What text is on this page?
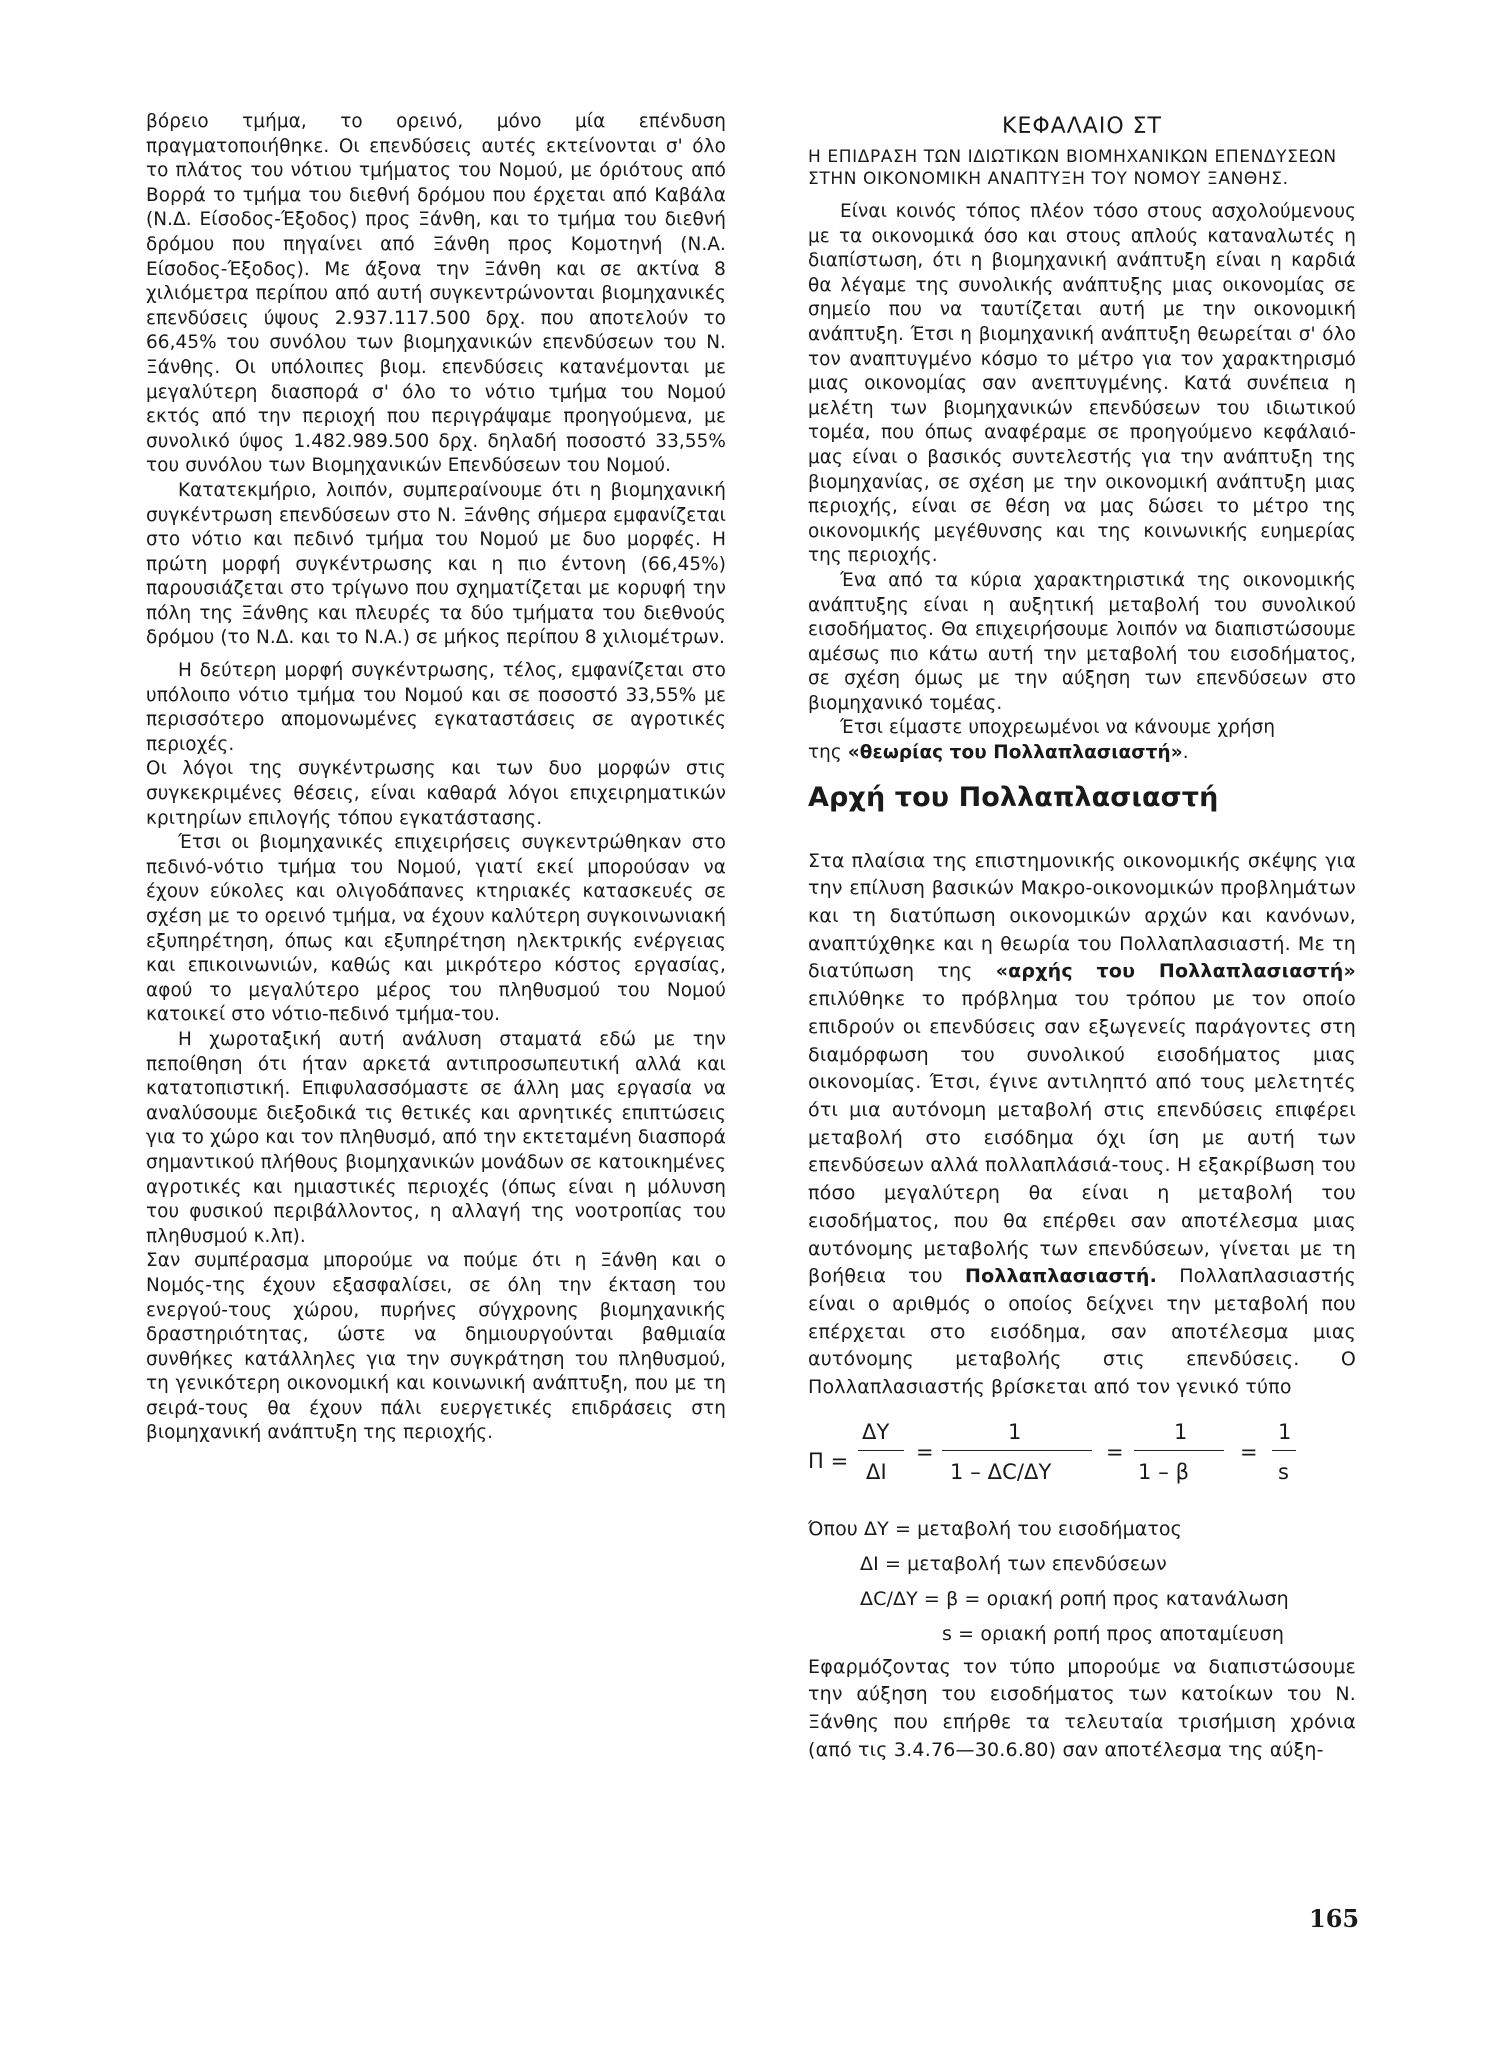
βόρειο τμήμα, το ορεινό, μόνο μία επένδυση πραγματοποιήθηκε. Οι επενδύσεις αυτές εκτείνονται σ' όλο το πλάτος του νότιου τμήματος του Νομού, με όριότους από Βορρά το τμήμα του διεθνή δρόμου που έρχεται από Καβάλα (Ν.Δ. Είσοδος-Έξοδος) προς Ξάνθη, και το τμήμα του διεθνή δρόμου που πηγαίνει από Ξάνθη προς Κομοτηνή (Ν.Α. Είσοδος-Έξοδος). Με άξονα την Ξάνθη και σε ακτίνα 8 χιλιόμετρα περίπου από αυτή συγκεντρώνονται βιομηχανικές επενδύσεις ύψους 2.937.117.500 δρχ. που αποτελούν το 66,45% του συνόλου των βιομηχανικών επενδύσεων του Ν. Ξάνθης. Οι υπόλοιπες βιομ. επενδύσεις κατανέμονται με μεγαλύτερη διασπορά σ' όλο το νότιο τμήμα του Νομού εκτός από την περιοχή που περιγράψαμε προηγούμενα, με συνολικό ύψος 1.482.989.500 δρχ. δηλαδή ποσοστό 33,55% του συνόλου των Βιομηχανικών Επενδύσεων του Νομού.

Κατατεκμήριο, λοιπόν, συμπεραίνουμε ότι η βιομηχανική συγκέντρωση επενδύσεων στο Ν. Ξάνθης σήμερα εμφανίζεται στο νότιο και πεδινό τμήμα του Νομού με δυο μορφές. Η πρώτη μορφή συγκέντρωσης και η πιο έντονη (66,45%) παρουσιάζεται στο τρίγωνο που σχηματίζεται με κορυφή την πόλη της Ξάνθης και πλευρές τα δύο τμήματα του διεθνούς δρόμου (το Ν.Δ. και το Ν.Α.) σε μήκος περίπου 8 χιλιομέτρων.

Η δεύτερη μορφή συγκέντρωσης, τέλος, εμφανίζεται στο υπόλοιπο νότιο τμήμα του Νομού και σε ποσοστό 33,55% με περισσότερο απομονωμένες εγκαταστάσεις σε αγροτικές περιοχές.

Οι λόγοι της συγκέντρωσης και των δυο μορφών στις συγκεκριμένες θέσεις, είναι καθαρά λόγοι επιχειρηματικών κριτηρίων επιλογής τόπου εγκατάστασης.

Έτσι οι βιομηχανικές επιχειρήσεις συγκεντρώθηκαν στο πεδινό-νότιο τμήμα του Νομού, γιατί εκεί μπορούσαν να έχουν εύκολες και ολιγοδάπανες κτηριακές κατασκευές σε σχέση με το ορεινό τμήμα, να έχουν καλύτερη συγκοινωνιακή εξυπηρέτηση, όπως και εξυπηρέτηση ηλεκτρικής ενέργειας και επικοινωνιών, καθώς και μικρότερο κόστος εργασίας, αφού το μεγαλύτερο μέρος του πληθυσμού του Νομού κατοικεί στο νότιο-πεδινό τμήμα-του.

Η χωροταξική αυτή ανάλυση σταματά εδώ με την πεποίθηση ότι ήταν αρκετά αντιπροσωπευτική αλλά και κατατοπιστική. Επιφυλασσόμαστε σε άλλη μας εργασία να αναλύσουμε διεξοδικά τις θετικές και αρνητικές επιπτώσεις για το χώρο και τον πληθυσμό, από την εκτεταμένη διασπορά σημαντικού πλήθους βιομηχανικών μονάδων σε κατοικημένες αγροτικές και ημιαστικές περιοχές (όπως είναι η μόλυνση του φυσικού περιβάλλοντος, η αλλαγή της νοοτροπίας του πληθυσμού κ.λπ).

Σαν συμπέρασμα μπορούμε να πούμε ότι η Ξάνθη και ο Νομός-της έχουν εξασφαλίσει, σε όλη την έκταση του ενεργού-τους χώρου, πυρήνες σύγχρονης βιομηχανικής δραστηριότητας, ώστε να δημιουργούνται βαθμιαία συνθήκες κατάλληλες για την συγκράτηση του πληθυσμού, τη γενικότερη οικονομική και κοινωνική ανάπτυξη, που με τη σειρά-τους θα έχουν πάλι ευεργετικές επιδράσεις στη βιομηχανική ανάπτυξη της περιοχής.

ΚΕΦΑΛΑΙΟ ΣΤ

Η ΕΠΙΔΡΑΣΗ ΤΩΝ ΙΔΙΩΤΙΚΩΝ ΒΙΟΜΗΧΑΝΙΚΩΝ ΕΠΕΝΔΥΣΕΩΝ ΣΤΗΝ ΟΙΚΟΝΟΜΙΚΗ ΑΝΑΠΤΥΞΗ ΤΟΥ ΝΟΜΟΥ ΞΑΝΘΗΣ.

Είναι κοινός τόπος πλέον τόσο στους ασχολούμενους με τα οικονομικά όσο και στους απλούς καταναλωτές η διαπίστωση, ότι η βιομηχανική ανάπτυξη είναι η καρδιά θα λέγαμε της συνολικής ανάπτυξης μιας οικονομίας σε σημείο που να ταυτίζεται αυτή με την οικονομική ανάπτυξη. Έτσι η βιομηχανική ανάπτυξη θεωρείται σ' όλο τον αναπτυγμένο κόσμο το μέτρο για τον χαρακτηρισμό μιας οικονομίας σαν ανεπτυγμένης. Κατά συνέπεια η μελέτη των βιομηχανικών επενδύσεων του ιδιωτικού τομέα, που όπως αναφέραμε σε προηγούμενο κεφάλαιό-μας είναι ο βασικός συντελεστής για την ανάπτυξη της βιομηχανίας, σε σχέση με την οικονομική ανάπτυξη μιας περιοχής, είναι σε θέση να μας δώσει το μέτρο της οικονομικής μεγέθυνσης και της κοινωνικής ευημερίας της περιοχής.

Ένα από τα κύρια χαρακτηριστικά της οικονομικής ανάπτυξης είναι η αυξητική μεταβολή του συνολικού εισοδήματος. Θα επιχειρήσουμε λοιπόν να διαπιστώσουμε αμέσως πιο κάτω αυτή την μεταβολή του εισοδήματος, σε σχέση όμως με την αύξηση των επενδύσεων στο βιομηχανικό τομέας.

Έτσι είμαστε υποχρεωμένοι να κάνουμε χρήση

της «θεωρίας του Πολλαπλασιαστή».

Αρχή του Πολλαπλασιαστή

Στα πλαίσια της επιστημονικής οικονομικής σκέψης για την επίλυση βασικών Μακρο-οικονομικών προβλημάτων και τη διατύπωση οικονομικών αρχών και κανόνων, αναπτύχθηκε και η θεωρία του Πολλαπλασιαστή. Με τη διατύπωση της «αρχής του Πολλαπλασιαστή» επιλύθηκε το πρόβλημα του τρόπου με τον οποίο επιδρούν οι επενδύσεις σαν εξωγενείς παράγοντες στη διαμόρφωση του συνολικού εισοδήματος μιας οικονομίας. Έτσι, έγινε αντιληπτό από τους μελετητές ότι μια αυτόνομη μεταβολή στις επενδύσεις επιφέρει μεταβολή στο εισόδημα όχι ίση με αυτή των επενδύσεων αλλά πολλαπλάσιά-τους. Η εξακρίβωση του πόσο μεγαλύτερη θα είναι η μεταβολή του εισοδήματος, που θα επέρθει σαν αποτέλεσμα μιας αυτόνομης μεταβολής των επενδύσεων, γίνεται με τη βοήθεια του Πολλαπλασιαστή. Πολλαπλασιαστής είναι ο αριθμός ο οποίος δείχνει την μεταβολή που επέρχεται στο εισόδημα, σαν αποτέλεσμα μιας αυτόνομης μεταβολής στις επενδύσεις. Ο Πολλαπλασιαστής βρίσκεται από τον γενικό τύπο

Π =
ΔY
ΔI
=
1
1 – ΔC/ΔY
=
1
1 – β
=
1
s
Όπου ΔY = μεταβολή του εισοδήματος
ΔI = μεταβολή των επενδύσεων
ΔC/ΔY = β = οριακή ροπή προς κατανάλωση
s = οριακή ροπή προς αποταμίευση

Εφαρμόζοντας τον τύπο μπορούμε να διαπιστώσουμε την αύξηση του εισοδήματος των κατοίκων του Ν. Ξάνθης που επήρθε τα τελευταία τρισήμιση χρόνια (από τις 3.4.76—30.6.80) σαν αποτέλεσμα της αύξη-

165
